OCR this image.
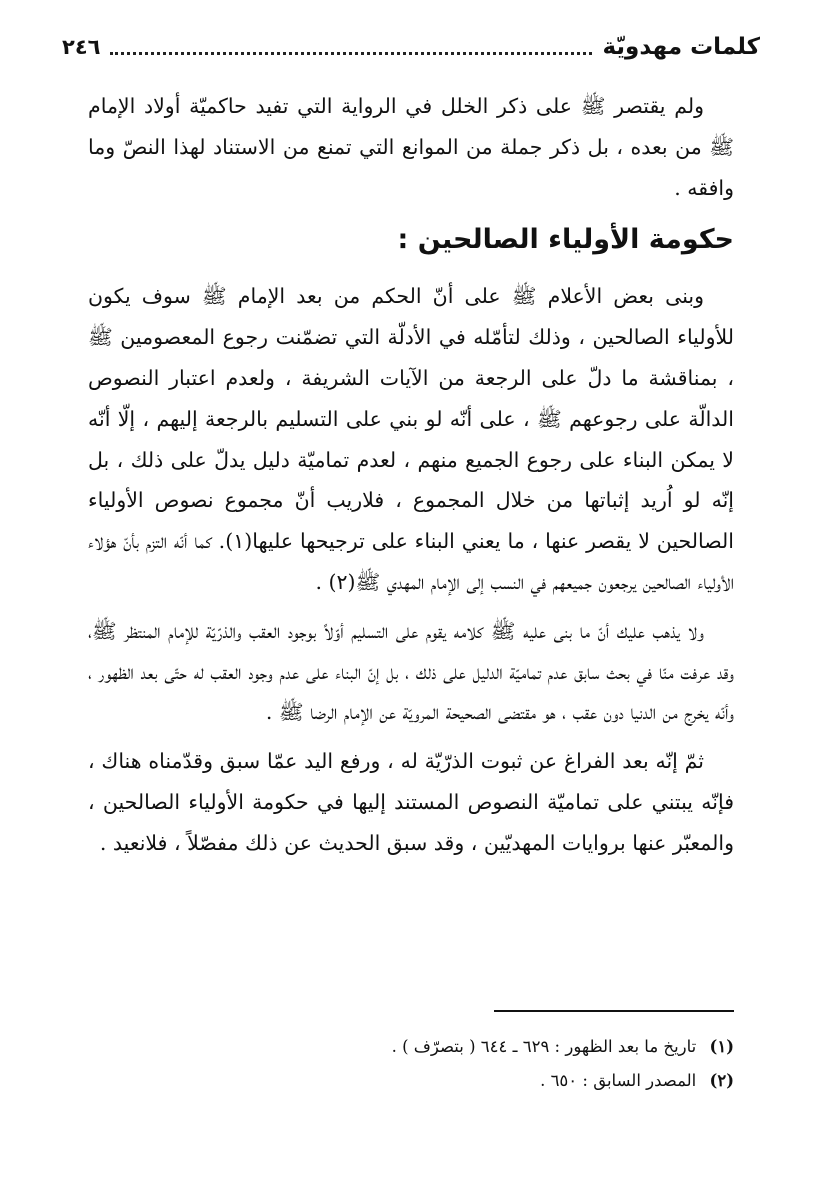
كلمات مهدويّة
٢٤٦

ولم يقتصر ﷺ على ذكر الخلل في الرواية التي تفيد حاكميّة أولاد الإمام ﷺ من بعده ، بل ذكر جملة من الموانع التي تمنع من الاستناد لهذا النصّ وما وافقه .

حكومة الأولياء الصالحين :

وبنى بعض الأعلام ﷺ على أنّ الحكم من بعد الإمام ﷺ سوف يكون للأولياء الصالحين ، وذلك لتأمّله في الأدلّة التي تضمّنت رجوع المعصومين ﷺ ، بمناقشة ما دلّ على الرجعة من الآيات الشريفة ، ولعدم اعتبار النصوص الدالّة على رجوعهم ﷺ ، على أنّه لو بني على التسليم بالرجعة إليهم ، إلّا أنّه لا يمكن البناء على رجوع الجميع منهم ، لعدم تماميّة دليل يدلّ على ذلك ، بل إنّه لو اُريد إثباتها من خلال المجموع ، فلاريب أنّ مجموع نصوص الأولياء الصالحين لا يقصر عنها ، ما يعني البناء على ترجيحها عليها(١). كما أنّه التزم بأنّ هؤلاء الأولياء الصالحين يرجعون جميعهم في النسب إلى الإمام المهدي ﷺ(٢) .

ولا يذهب عليك أنّ ما بنى عليه ﷺ كلامه يقوم على التسليم أوّلاً بوجود العقب والذرّيّة للإمام المنتظر ﷺ، وقد عرفت منّا في بحث سابق عدم تماميّة الدليل على ذلك ، بل إنّ البناء على عدم وجود العقب له حتّى بعد الظهور ، وأنّه يخرج من الدنيا دون عقب ، هو مقتضى الصحيحة المرويّة عن الإمام الرضا ﷺ .

ثمّ إنّه بعد الفراغ عن ثبوت الذرّيّة له ، ورفع اليد عمّا سبق وقدّمناه هناك ، فإنّه يبتني على تماميّة النصوص المستند إليها في حكومة الأولياء الصالحين ، والمعبّر عنها بروايات المهديّين ، وقد سبق الحديث عن ذلك مفصّلاً ، فلانعيد .

(١) تاريخ ما بعد الظهور : ٦٢٩ ـ ٦٤٤ ( بتصرّف ) .

(٢) المصدر السابق : ٦٥٠ .
